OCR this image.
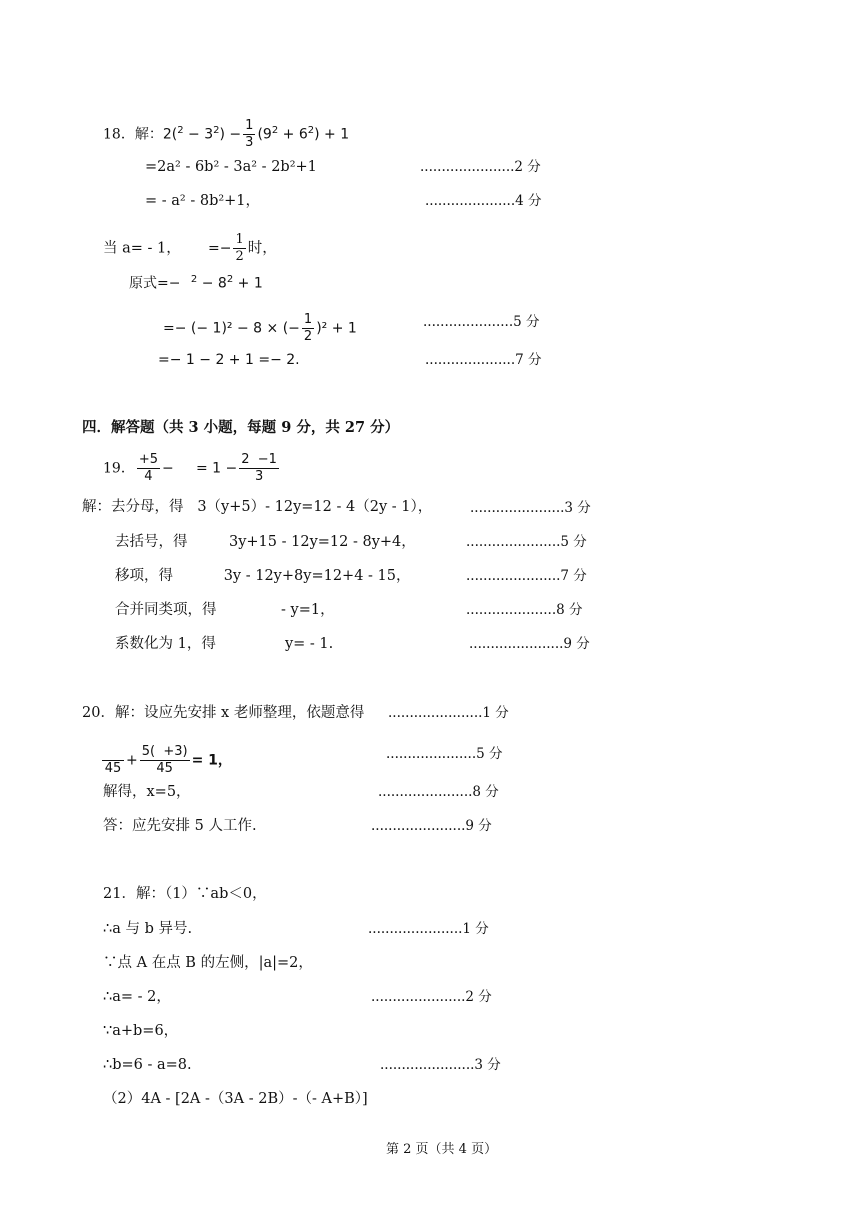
18．解：$2(^2 - 3^2) - \frac{1}{3} (9^2 + 6^2) + 1$
=2a² - 6b² - 3a² - 2b²+1	......................2 分
= - a² - 8b²+1，	.....................4 分
当 a= - 1， =− $\frac{1}{2}$ 时，
原式=− $^2 - 8^2 + 1$
=− (− 1)² − 8 × (− $\frac{1}{2} )^2 + 1$	.....................5 分
=− 1 − 2 + 1 =− 2.	.....................7 分
四．解答题（共 3 小题，每题 9 分，共 27 分）
19． $\frac{+5}{4}$ −     = $1 - \frac{2 -1}{3}$
解：去分母，得   3（y+5）- 12y=12 - 4（2y - 1），	......................3 分
去括号，得         3y+15 - 12y=12 - 8y+4，	......................5 分
移项，得           3y - 12y+8y=12+4 - 15，	......................7 分
合并同类项，得              - y=1，	.....................8 分
系数化为 1，得               y= - 1.	......................9 分
20．解：设应先安排 x 老师整理，依题意得 ......................1 分

$45 + \frac{5( +3)}{45} = 1$，	.....................5 分
解得，x=5，	......................8 分
答：应先安排 5 人工作.	......................9 分
21．解：（1）∵ab＜0，
∴a 与 b 异号.	......................1 分
∵点 A 在点 B 的左侧，|a|=2，
∴a= - 2，	......................2 分
∵a+b=6，
∴b=6 - a=8.	......................3 分
（2）4A - [2A -（3A - 2B）-（- A+B）]
第 2 页（共 4 页）
